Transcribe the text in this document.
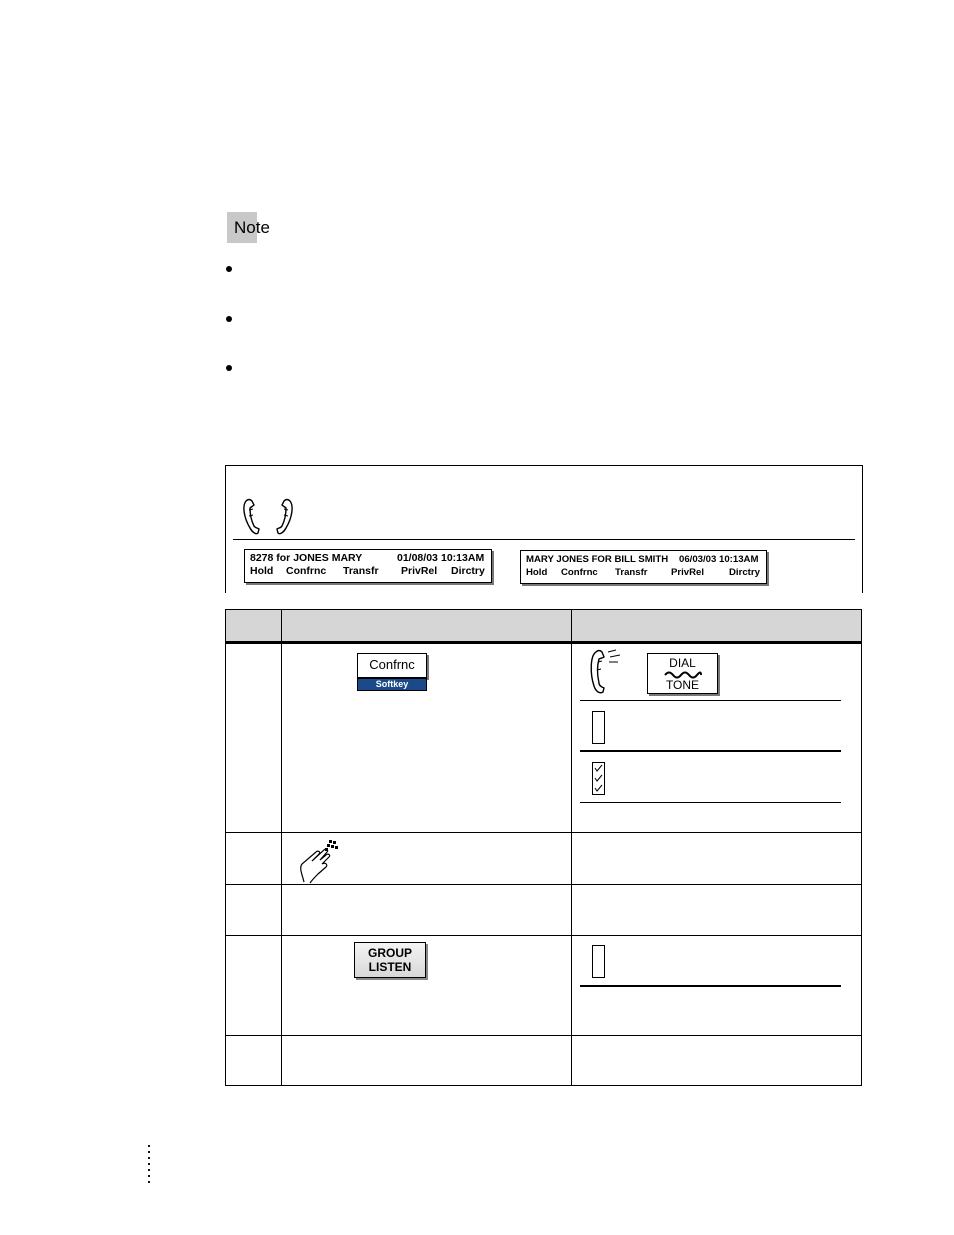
Note
8278 for JONES MARY	01/08/03 10:13AM
Hold Confrnc Transfr PrivRel Dirctry
MARY JONES FOR BILL SMITH 06/03/03 10:13AM
Hold Confrnc Transfr PrivRel	Dirctry
Confrnc
Softkey
DIAL
TONE
GROUP
LISTEN
